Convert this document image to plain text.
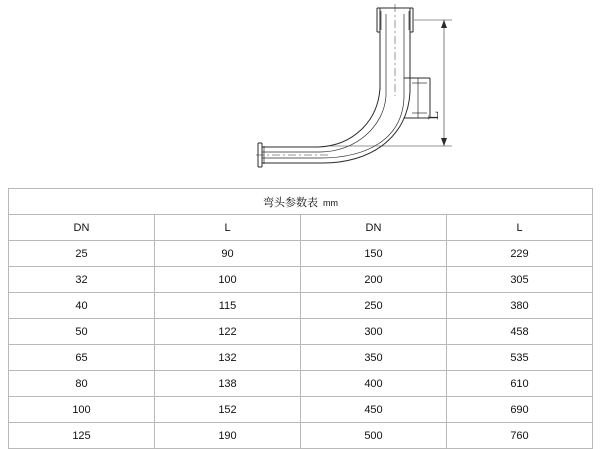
L
弯头参数表 mm			
DN	L	DN	L
25	90	150	229
32	100	200	305
40	115	250	380
50	122	300	458
65	132	350	535
80	138	400	610
100	152	450	690
125	190	500	760
